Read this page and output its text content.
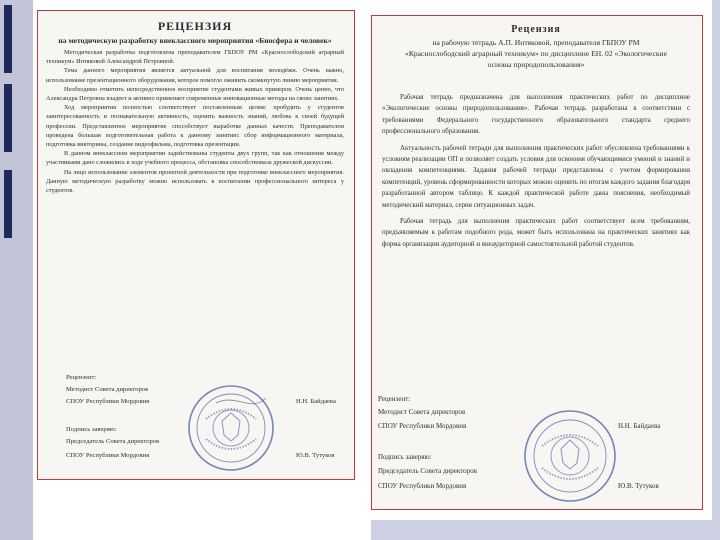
РЕЦЕНЗИЯ
на методическую разработку внеклассного мероприятия «Биосфера и человек»

Методическая разработка подготовлена преподавателем ГБПОУ РМ «Краснослободский аграрный техникум» Интяковой Александрой Петровной.

Тема данного мероприятия является актуальной для воспитания молодёжи. Очень важно, использование презентационного оборудования, которое помогло оживить скомкнутую линию мероприятия.

Необходимо отметить непосредственное восприятие студентами живых примеров. Очень ценно, что Александра Петровна владеет и активно применяет современные инновационные методы на своих занятиях.

Ход мероприятия полностью соответствует поставленным целям: пробудить у студентов заинтересованность и познавательную активность, оценить важность знаний, любовь к своей будущей профессии. Представленное мероприятие способствует выработке данных качеств. Преподавателем проведена большая подготовительная работа к данному занятию: сбор информационного материала, подготовка викторины, создание видеофильма, подготовка презентации.

В данном внеклассном мероприятии задействованы студенты двух групп, так как отношения между участниками дано сложились в ходе учебного процесса, обстановка способствовала дружеской дискуссии.

На лицо использование элементов проектной деятельности при подготовке внеклассного мероприятия. Данную методическую разработку можно использовать в воспитании профессионального интереса у студентов.

Рецензент:
Методист Совета директоров
СПОУ Республики Мордовия	Н.Н. Байдаева
Подпись заверяю:
Председатель Совета директоров
СПОУ Республики Мордовия	Ю.В. Тутуков
Рецензия
на рабочую тетрадь А.П. Интяковой, преподавателя ГБПОУ РМ
«Краснослободский аграрный техникум» по дисциплине ЕН. 02 «Экологические
основы природопользования»

Рабочая тетрадь предназначена для выполнения практических работ по дисциплине «Экологические основы природопользования». Рабочая тетрадь разработана в соответствии с требованиями Федерального государственного образовательного стандарта среднего профессионального образования.

Актуальность рабочей тетради для выполнения практических работ обусловлена требованиями к условиям реализации ОП и позволяет создать условия для освоения обучающимися умений и знаний и овладения компетенциями. Задания рабочей тетради представлены с учетом формирования компетенций, уровень сформированности которых можно оценить по итогам каждого задания благодаря разработанной автором таблице. К каждой практической работе даны пояснения, необходимый методический материал, серия ситуационных задач.

Рабочая тетрадь для выполнения практических работ соответствует всем требованиям, предъявляемым к работам подобного рода, может быть использована на практических занятиях как форма организации аудиторной и внеаудиторной самостоятельной работой студентов.

Рецензент:
Методист Совета директоров
СПОУ Республики Мордовия	Н.Н. Байдаева
Подпись заверяю:
Председатель Совета директоров
СПОУ Республики Мордовия	Ю.В. Тутуков
